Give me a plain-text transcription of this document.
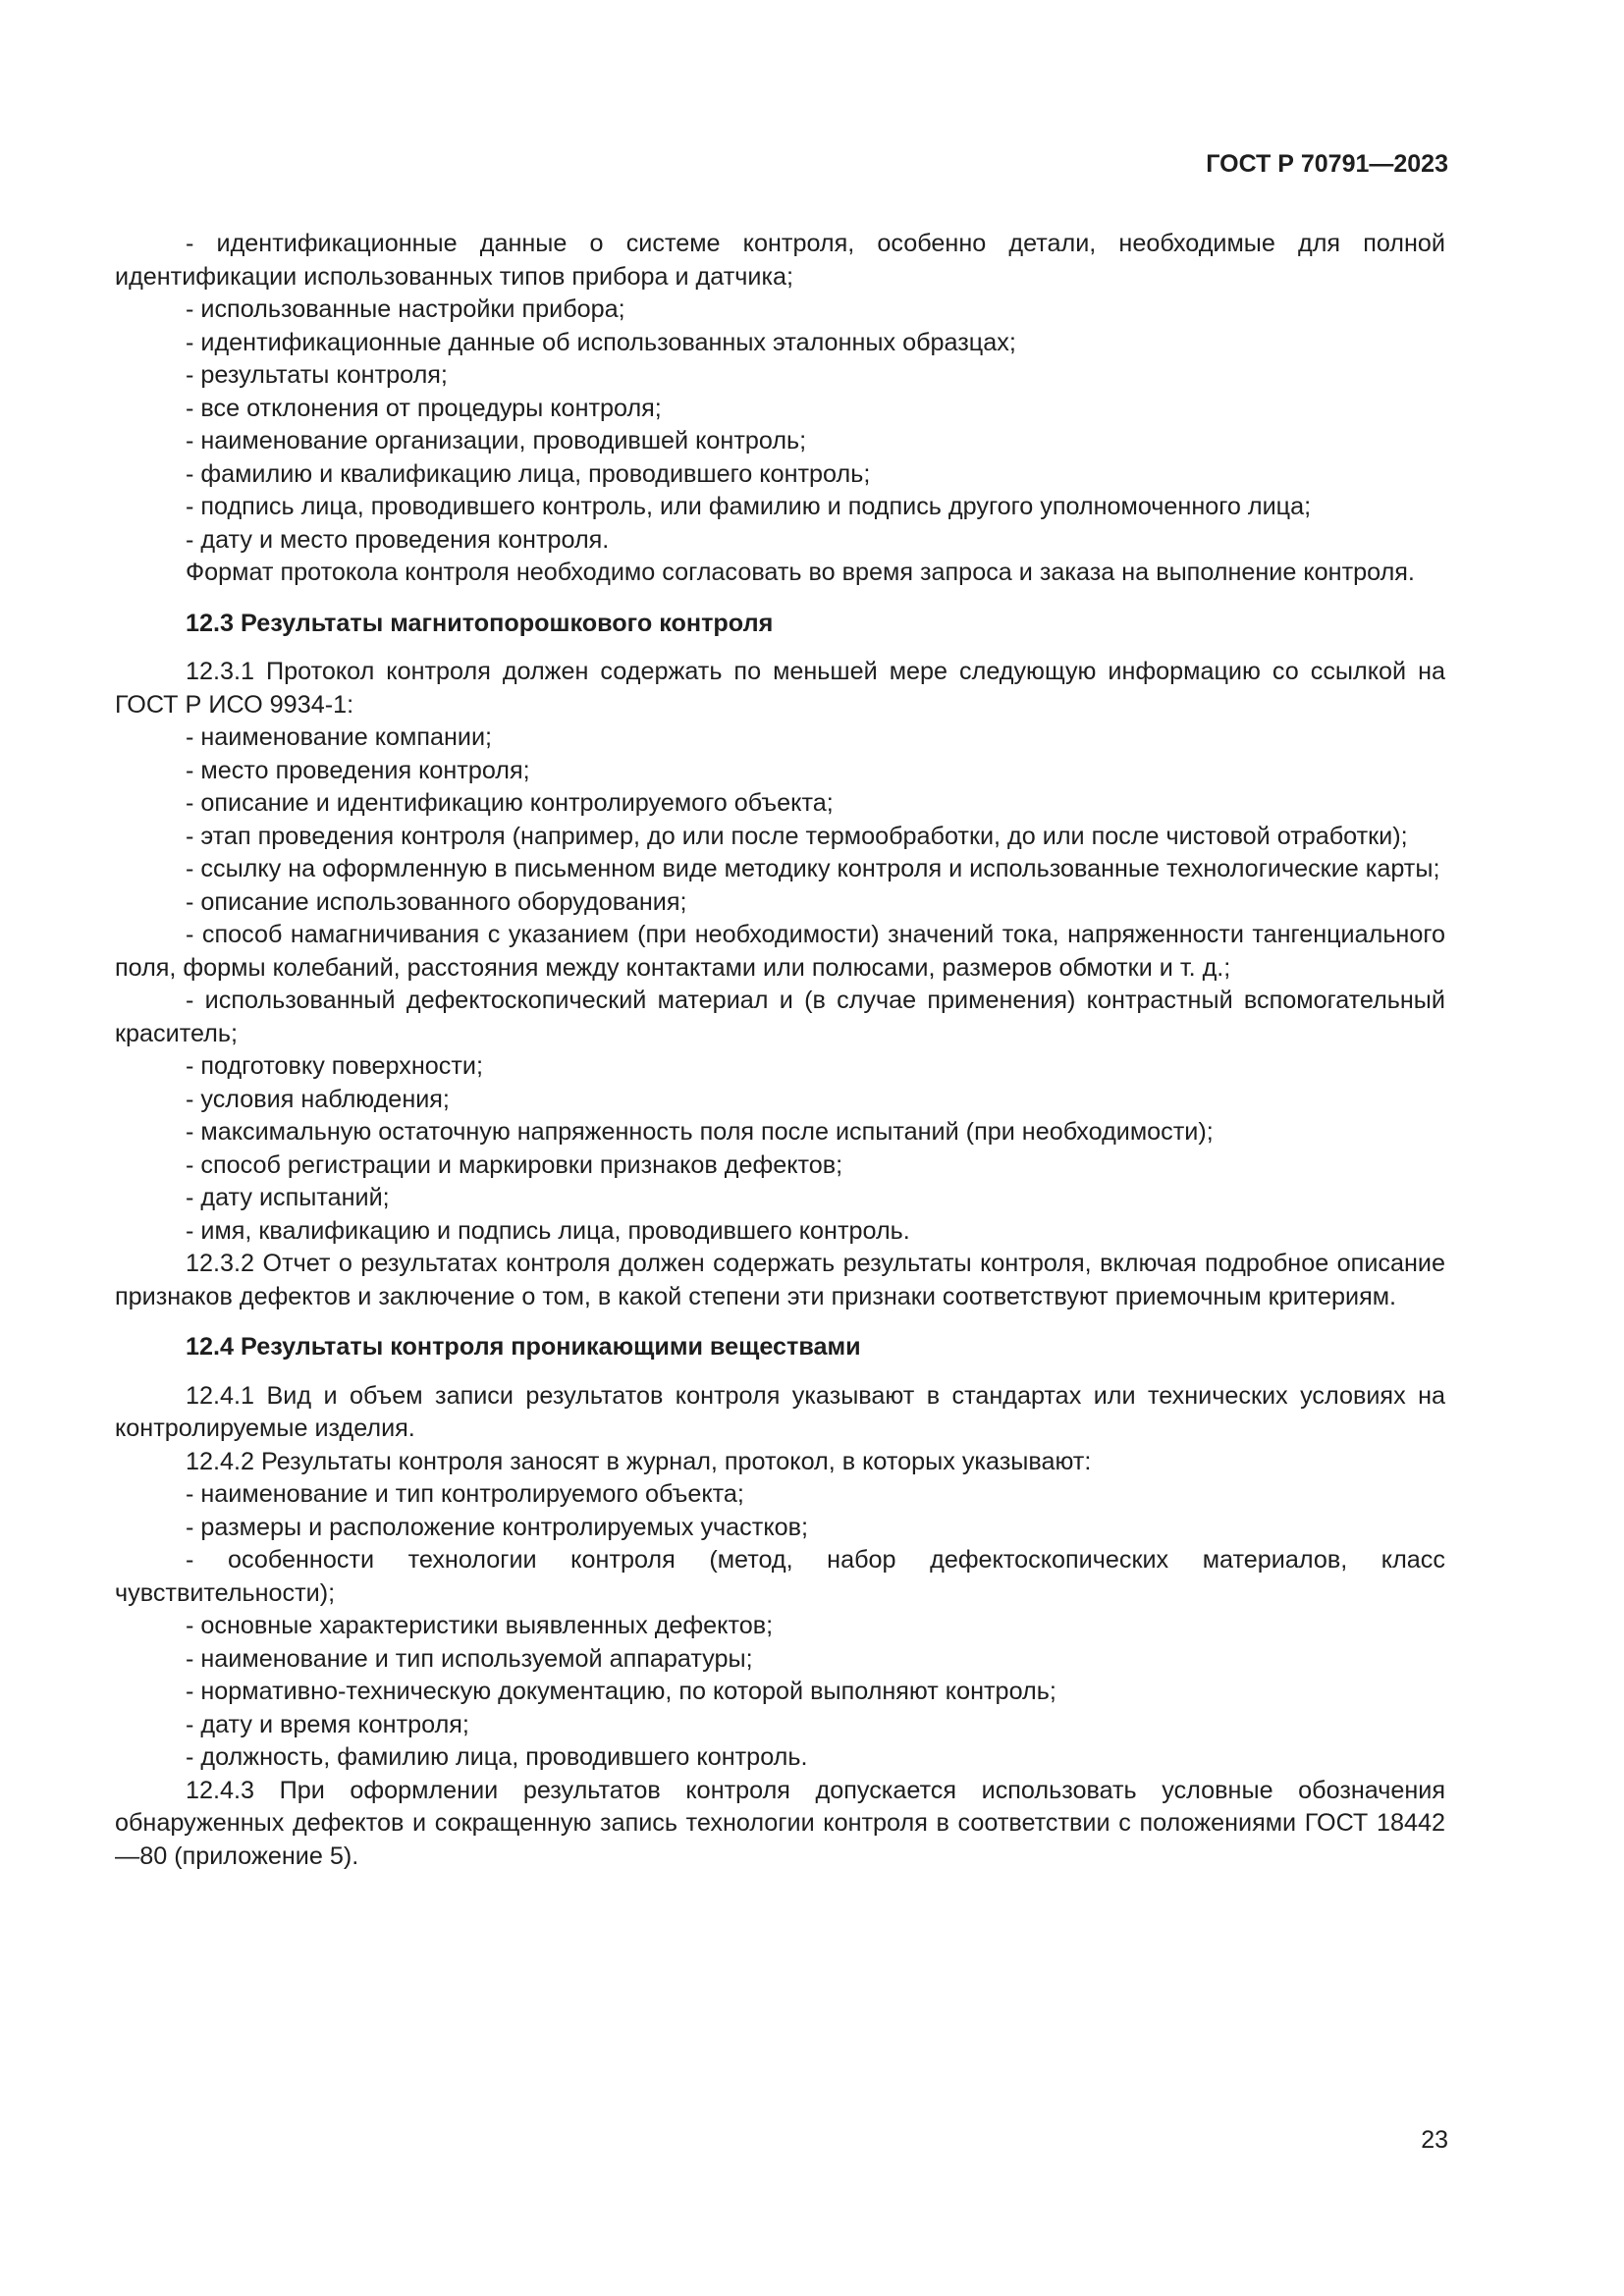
ГОСТ Р 70791—2023

- идентификационные данные о системе контроля, особенно детали, необходимые для полной идентификации использованных типов прибора и датчика;

- использованные настройки прибора;

- идентификационные данные об использованных эталонных образцах;

- результаты контроля;

- все отклонения от процедуры контроля;

- наименование организации, проводившей контроль;

- фамилию и квалификацию лица, проводившего контроль;

- подпись лица, проводившего контроль, или фамилию и подпись другого уполномоченного лица;

- дату и место проведения контроля.

Формат протокола контроля необходимо согласовать во время запроса и заказа на выполнение контроля.

12.3 Результаты магнитопорошкового контроля

12.3.1 Протокол контроля должен содержать по меньшей мере следующую информацию со ссылкой на ГОСТ Р ИСО 9934-1:

- наименование компании;

- место проведения контроля;

- описание и идентификацию контролируемого объекта;

- этап проведения контроля (например, до или после термообработки, до или после чистовой отработки);

- ссылку на оформленную в письменном виде методику контроля и использованные технологические карты;

- описание использованного оборудования;

- способ намагничивания с указанием (при необходимости) значений тока, напряженности тангенциального поля, формы колебаний, расстояния между контактами или полюсами, размеров обмотки и т. д.;

- использованный дефектоскопический материал и (в случае применения) контрастный вспомогательный краситель;

- подготовку поверхности;

- условия наблюдения;

- максимальную остаточную напряженность поля после испытаний (при необходимости);

- способ регистрации и маркировки признаков дефектов;

- дату испытаний;

- имя, квалификацию и подпись лица, проводившего контроль.

12.3.2 Отчет о результатах контроля должен содержать результаты контроля, включая подробное описание признаков дефектов и заключение о том, в какой степени эти признаки соответствуют приемочным критериям.

12.4 Результаты контроля проникающими веществами

12.4.1 Вид и объем записи результатов контроля указывают в стандартах или технических условиях на контролируемые изделия.

12.4.2 Результаты контроля заносят в журнал, протокол, в которых указывают:

- наименование и тип контролируемого объекта;

- размеры и расположение контролируемых участков;

- особенности технологии контроля (метод, набор дефектоскопических материалов, класс чувствительности);

- основные характеристики выявленных дефектов;

- наименование и тип используемой аппаратуры;

- нормативно-техническую документацию, по которой выполняют контроль;

- дату и время контроля;

- должность, фамилию лица, проводившего контроль.

12.4.3 При оформлении результатов контроля допускается использовать условные обозначения обнаруженных дефектов и сокращенную запись технологии контроля в соответствии с положениями ГОСТ 18442—80 (приложение 5).

23
